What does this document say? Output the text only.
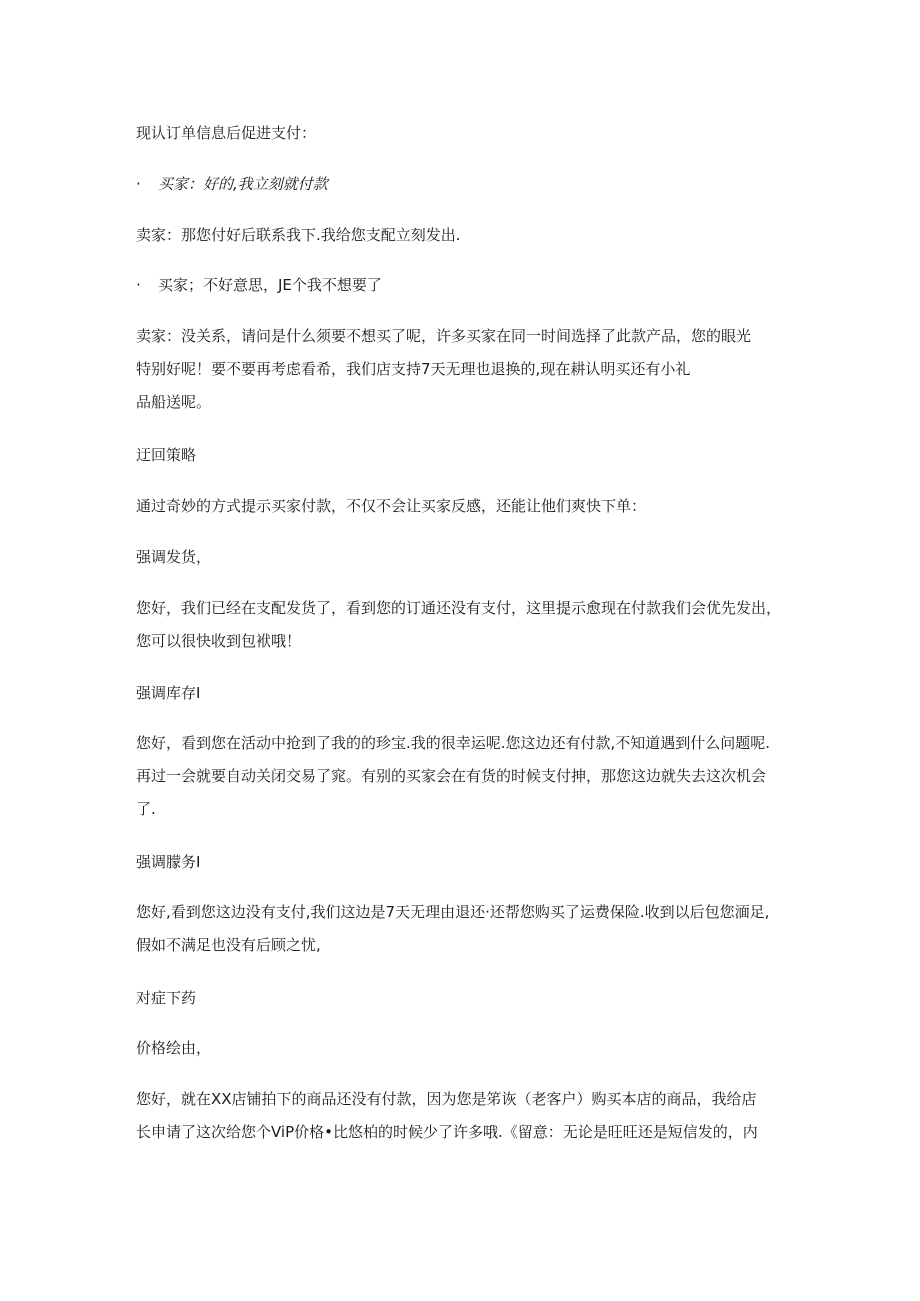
现认订单信息后促进支付：
· 买家：好的,我立刻就付款
卖家：那您付好后联系我下.我给您支配立刻发出.
· 买家；不好意思，JE个我不想要了
卖家：没关系，请问是什么须要不想买了呢，许多买家在同一时间选择了此款产品，您的眼光
特别好呢！要不要再考虑看希，我们店支持7天无理也退换的,现在耕认明买还有小礼
品船送呢。
迂回策略
通过奇妙的方式提示买家付款，不仅不会让买家反感，还能让他们爽快下单：
强调发货，
您好，我们已经在支配发货了，看到您的订通还没有支付，这里提示愈现在付款我们会优先发出，
您可以很快收到包袱哦！
强调库存I
您好，看到您在活动中抢到了我的的珍宝.我的很幸运呢.您这边还有付款,不知道遇到什么问题呢.
再过一会就要自动关闭交易了窕。有别的买家会在有货的时候支付抻，那您这边就失去这次机会
了.
强调朦务I
您好,看到您这边没有支付,我们这边是7天无理由退还·还帮您购买了运费保险.收到以后包您湎足,
假如不满足也没有后顾之忧,
对症下药
价格绘由，
您好，就在XX店铺拍下的商品还没有付款，因为您是笫诙（老客户）购买本店的商品，我给店
长申请了这次给您个ViP价格•比悠柏的时候少了许多哦.《留意：无论是旺旺还是短信发的，内
